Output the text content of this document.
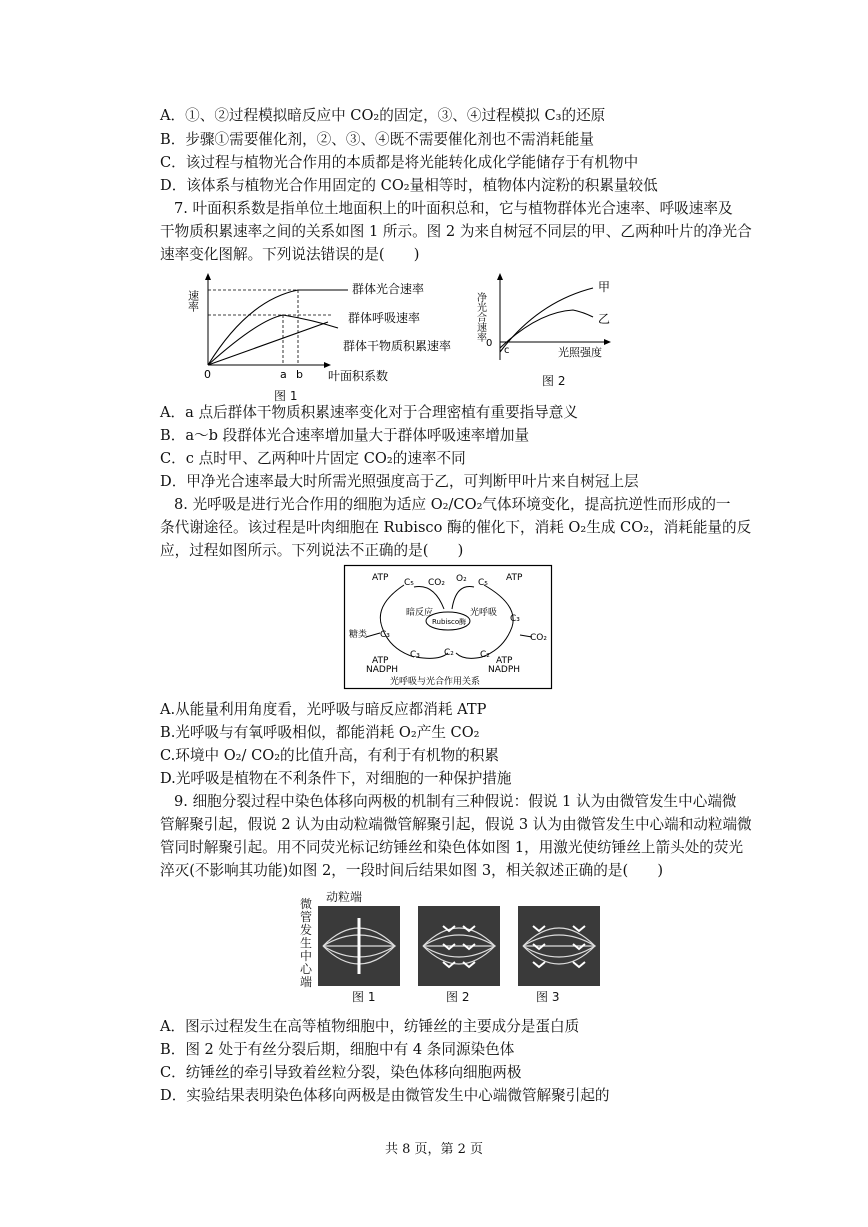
A．①、②过程模拟暗反应中 CO₂的固定，③、④过程模拟 C₃的还原
B．步骤①需要催化剂，②、③、④既不需要催化剂也不需消耗能量
C．该过程与植物光合作用的本质都是将光能转化成化学能储存于有机物中
D．该体系与植物光合作用固定的 CO₂量相等时，植物体内淀粉的积累量较低
7. 叶面积系数是指单位土地面积上的叶面积总和，它与植物群体光合速率、呼吸速率及
干物质积累速率之间的关系如图 1 所示。图 2 为来自树冠不同层的甲、乙两种叶片的净光合
速率变化图解。下列说法错误的是(　　)
速率
0	a b 叶面积系数
群体光合速率
群体呼吸速率
群体干物质积累速率
图 1
净光合速率
0
c	光照强度
甲
乙
图 2
A．a 点后群体干物质积累速率变化对于合理密植有重要指导意义
B．a～b 段群体光合速率增加量大于群体呼吸速率增加量
C．c 点时甲、乙两种叶片固定 CO₂的速率不同
D．甲净光合速率最大时所需光照强度高于乙，可判断甲叶片来自树冠上层
8. 光呼吸是进行光合作用的细胞为适应 O₂/CO₂气体环境变化，提高抗逆性而形成的一
条代谢途径。该过程是叶肉细胞在 Rubisco 酶的催化下，消耗 O₂生成 CO₂，消耗能量的反
应，过程如图所示。下列说法不正确的是(　　)
ATP C₅ CO₂ O₂ C₅ ATP
暗反应	光呼吸
Rubisco酶
C₃
C₃
糖类	CO₂
C₃	C₂	C₂
ATP
NADPH
ATP
NADPH
光呼吸与光合作用关系
A.从能量利用角度看，光呼吸与暗反应都消耗 ATP
B.光呼吸与有氧呼吸相似，都能消耗 O₂产生 CO₂
C.环境中 O₂/ CO₂的比值升高，有利于有机物的积累
D.光呼吸是植物在不利条件下，对细胞的一种保护措施
9. 细胞分裂过程中染色体移向两极的机制有三种假说：假说 1 认为由微管发生中心端微
管解聚引起，假说 2 认为由动粒端微管解聚引起，假说 3 认为由微管发生中心端和动粒端微
管同时解聚引起。用不同荧光标记纺锤丝和染色体如图 1，用激光使纺锤丝上箭头处的荧光
淬灭(不影响其功能)如图 2，一段时间后结果如图 3，相关叙述正确的是(　　)
动粒端
微
管
发
生
中
心
端
图 1	图 2	图 3
A．图示过程发生在高等植物细胞中，纺锤丝的主要成分是蛋白质
B．图 2 处于有丝分裂后期，细胞中有 4 条同源染色体
C．纺锤丝的牵引导致着丝粒分裂，染色体移向细胞两极
D．实验结果表明染色体移向两极是由微管发生中心端微管解聚引起的
共 8 页，第 2 页
